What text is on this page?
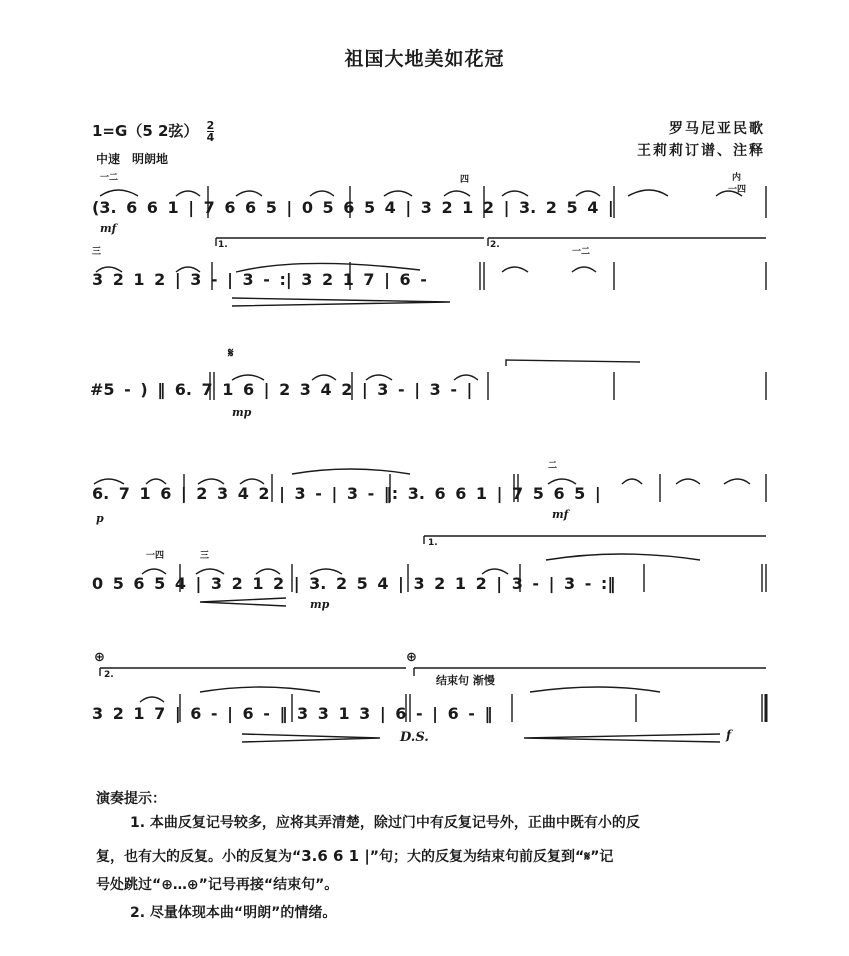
祖国大地美如花冠
1=G（5 2弦） $\frac{2}{4}$
中速　明朗地
罗马尼亚民歌
王莉莉订谱、注释
(3. 6 6 1 | 7 6 6 5 | 0 5 6 5 4 | 3 2 1 2 | 3. 2 5 4 |
mf
一二	四	内
一四
1.	2.
三	一二
3 2 1 2 | 3 - | 3 - :| 3 2 1 7 | 6 -
𝄋
#5 - ) ‖ 6. 7 1 6 | 2 3 4 2 | 3 - | 3 - |
mp
6. 7 1 6 | 2 3 4 2 | 3 - | 3 - ‖: 3. 6 6 1 | 7 5 6 5 |
p	mf
二
1.
一四	三
0 5 6 5 4 | 3 2 1 2 | 3. 2 5 4 | 3 2 1 2 | 3 - | 3 - :‖
mp
⊕	⊕
2.	结束句 渐慢
3 2 1 7 | 6 - | 6 - ‖ 3 3 1 3 | 6 - | 6 - ‖
D.S.	f
演奏提示：
1. 本曲反复记号较多，应将其弄清楚，除过门中有反复记号外，正曲中既有小的反
复，也有大的反复。小的反复为“3.6 6 1 |”句；大的反复为结束句前反复到“𝄋”记
号处跳过“⊕…⊕”记号再接“结束句”。
2. 尽量体现本曲“明朗”的情绪。
